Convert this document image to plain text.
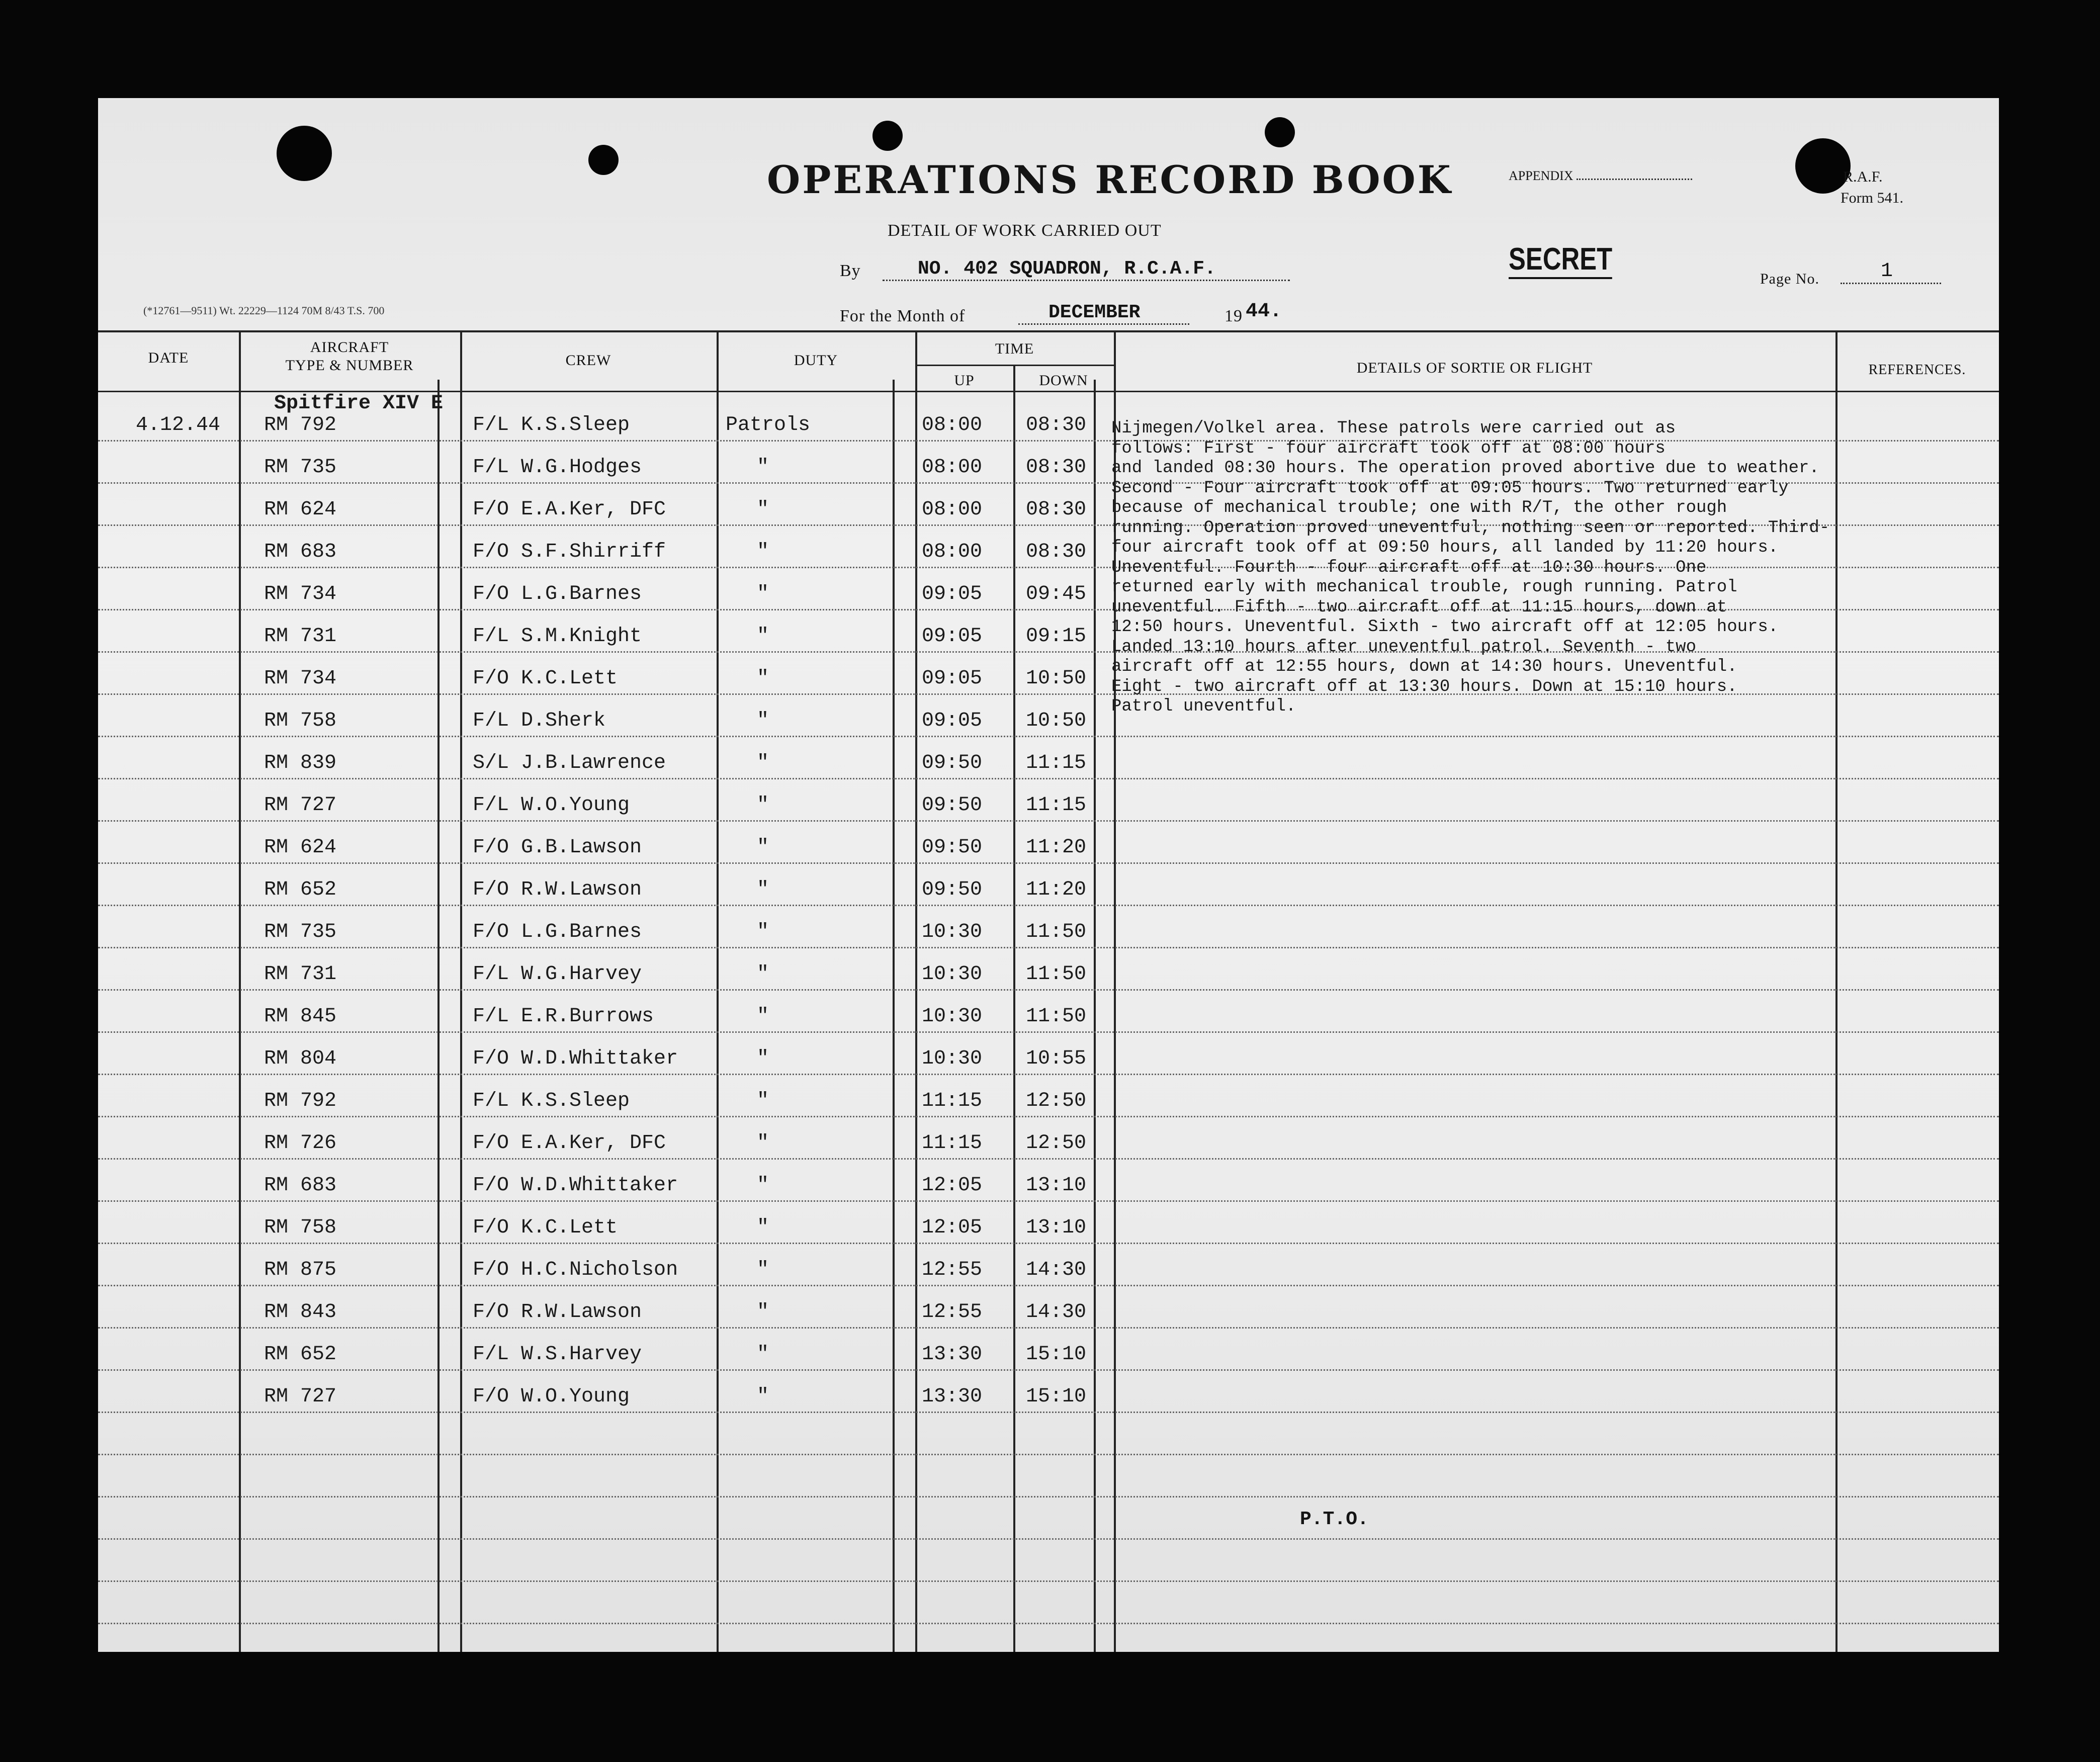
OPERATIONS RECORD BOOK
DETAIL OF WORK CARRIED OUT
By	NO. 402 SQUADRON, R.C.A.F.
For the Month of	DECEMBER	19 44.
APPENDIX
SECRET
R.A.F.
Form 541.
Page No.	1
(*12761—9511) Wt. 22229—1124 70M 8/43 T.S. 700
DATE
AIRCRAFT
TYPE & NUMBER	CREW	DUTY
TIME
UP	DOWN
DETAILS OF SORTIE OR FLIGHT	REFERENCES.
Spitfire XIV E
4.12.44 RM 792	F/L K.S.Sleep	Patrols	08:00 08:30
RM 735	F/L W.G.Hodges	"	08:00 08:30
RM 624	F/O E.A.Ker, DFC	"	08:00 08:30
RM 683	F/O S.F.Shirriff	"	08:00 08:30
RM 734	F/O L.G.Barnes	"	09:05 09:45
RM 731	F/L S.M.Knight	"	09:05 09:15
RM 734	F/O K.C.Lett	"	09:05 10:50
RM 758	F/L D.Sherk	"	09:05 10:50
RM 839	S/L J.B.Lawrence	"	09:50 11:15
RM 727	F/L W.O.Young	"	09:50 11:15
RM 624	F/O G.B.Lawson	"	09:50 11:20
RM 652	F/O R.W.Lawson	"	09:50 11:20
RM 735	F/O L.G.Barnes	"	10:30 11:50
RM 731	F/L W.G.Harvey	"	10:30 11:50
RM 845	F/L E.R.Burrows	"	10:30 11:50
RM 804	F/O W.D.Whittaker	"	10:30 10:55
RM 792	F/L K.S.Sleep	"	11:15 12:50
RM 726	F/O E.A.Ker, DFC	"	11:15 12:50
RM 683	F/O W.D.Whittaker	"	12:05 13:10
RM 758	F/O K.C.Lett	"	12:05 13:10
RM 875	F/O H.C.Nicholson	"	12:55 14:30
RM 843	F/O R.W.Lawson	"	12:55 14:30
RM 652	F/L W.S.Harvey	"	13:30 15:10
RM 727	F/O W.O.Young	"	13:30 15:10
Nijmegen/Volkel area. These patrols were carried out as
follows: First - four aircraft took off at 08:00 hours
and landed 08:30 hours. The operation proved abortive due to weather.
Second - Four aircraft took off at 09:05 hours. Two returned early
because of mechanical trouble; one with R/T, the other rough
running. Operation proved uneventful, nothing seen or reported. Third-
four aircraft took off at 09:50 hours, all landed by 11:20 hours.
Uneventful. Fourth - four aircraft off at 10:30 hours. One
returned early with mechanical trouble, rough running. Patrol
uneventful. Fifth - two aircraft off at 11:15 hours, down at
12:50 hours. Uneventful. Sixth - two aircraft off at 12:05 hours.
Landed 13:10 hours after uneventful patrol. Seventh - two
aircraft off at 12:55 hours, down at 14:30 hours. Uneventful.
Eight - two aircraft off at 13:30 hours. Down at 15:10 hours.
Patrol uneventful.
P.T.O.
